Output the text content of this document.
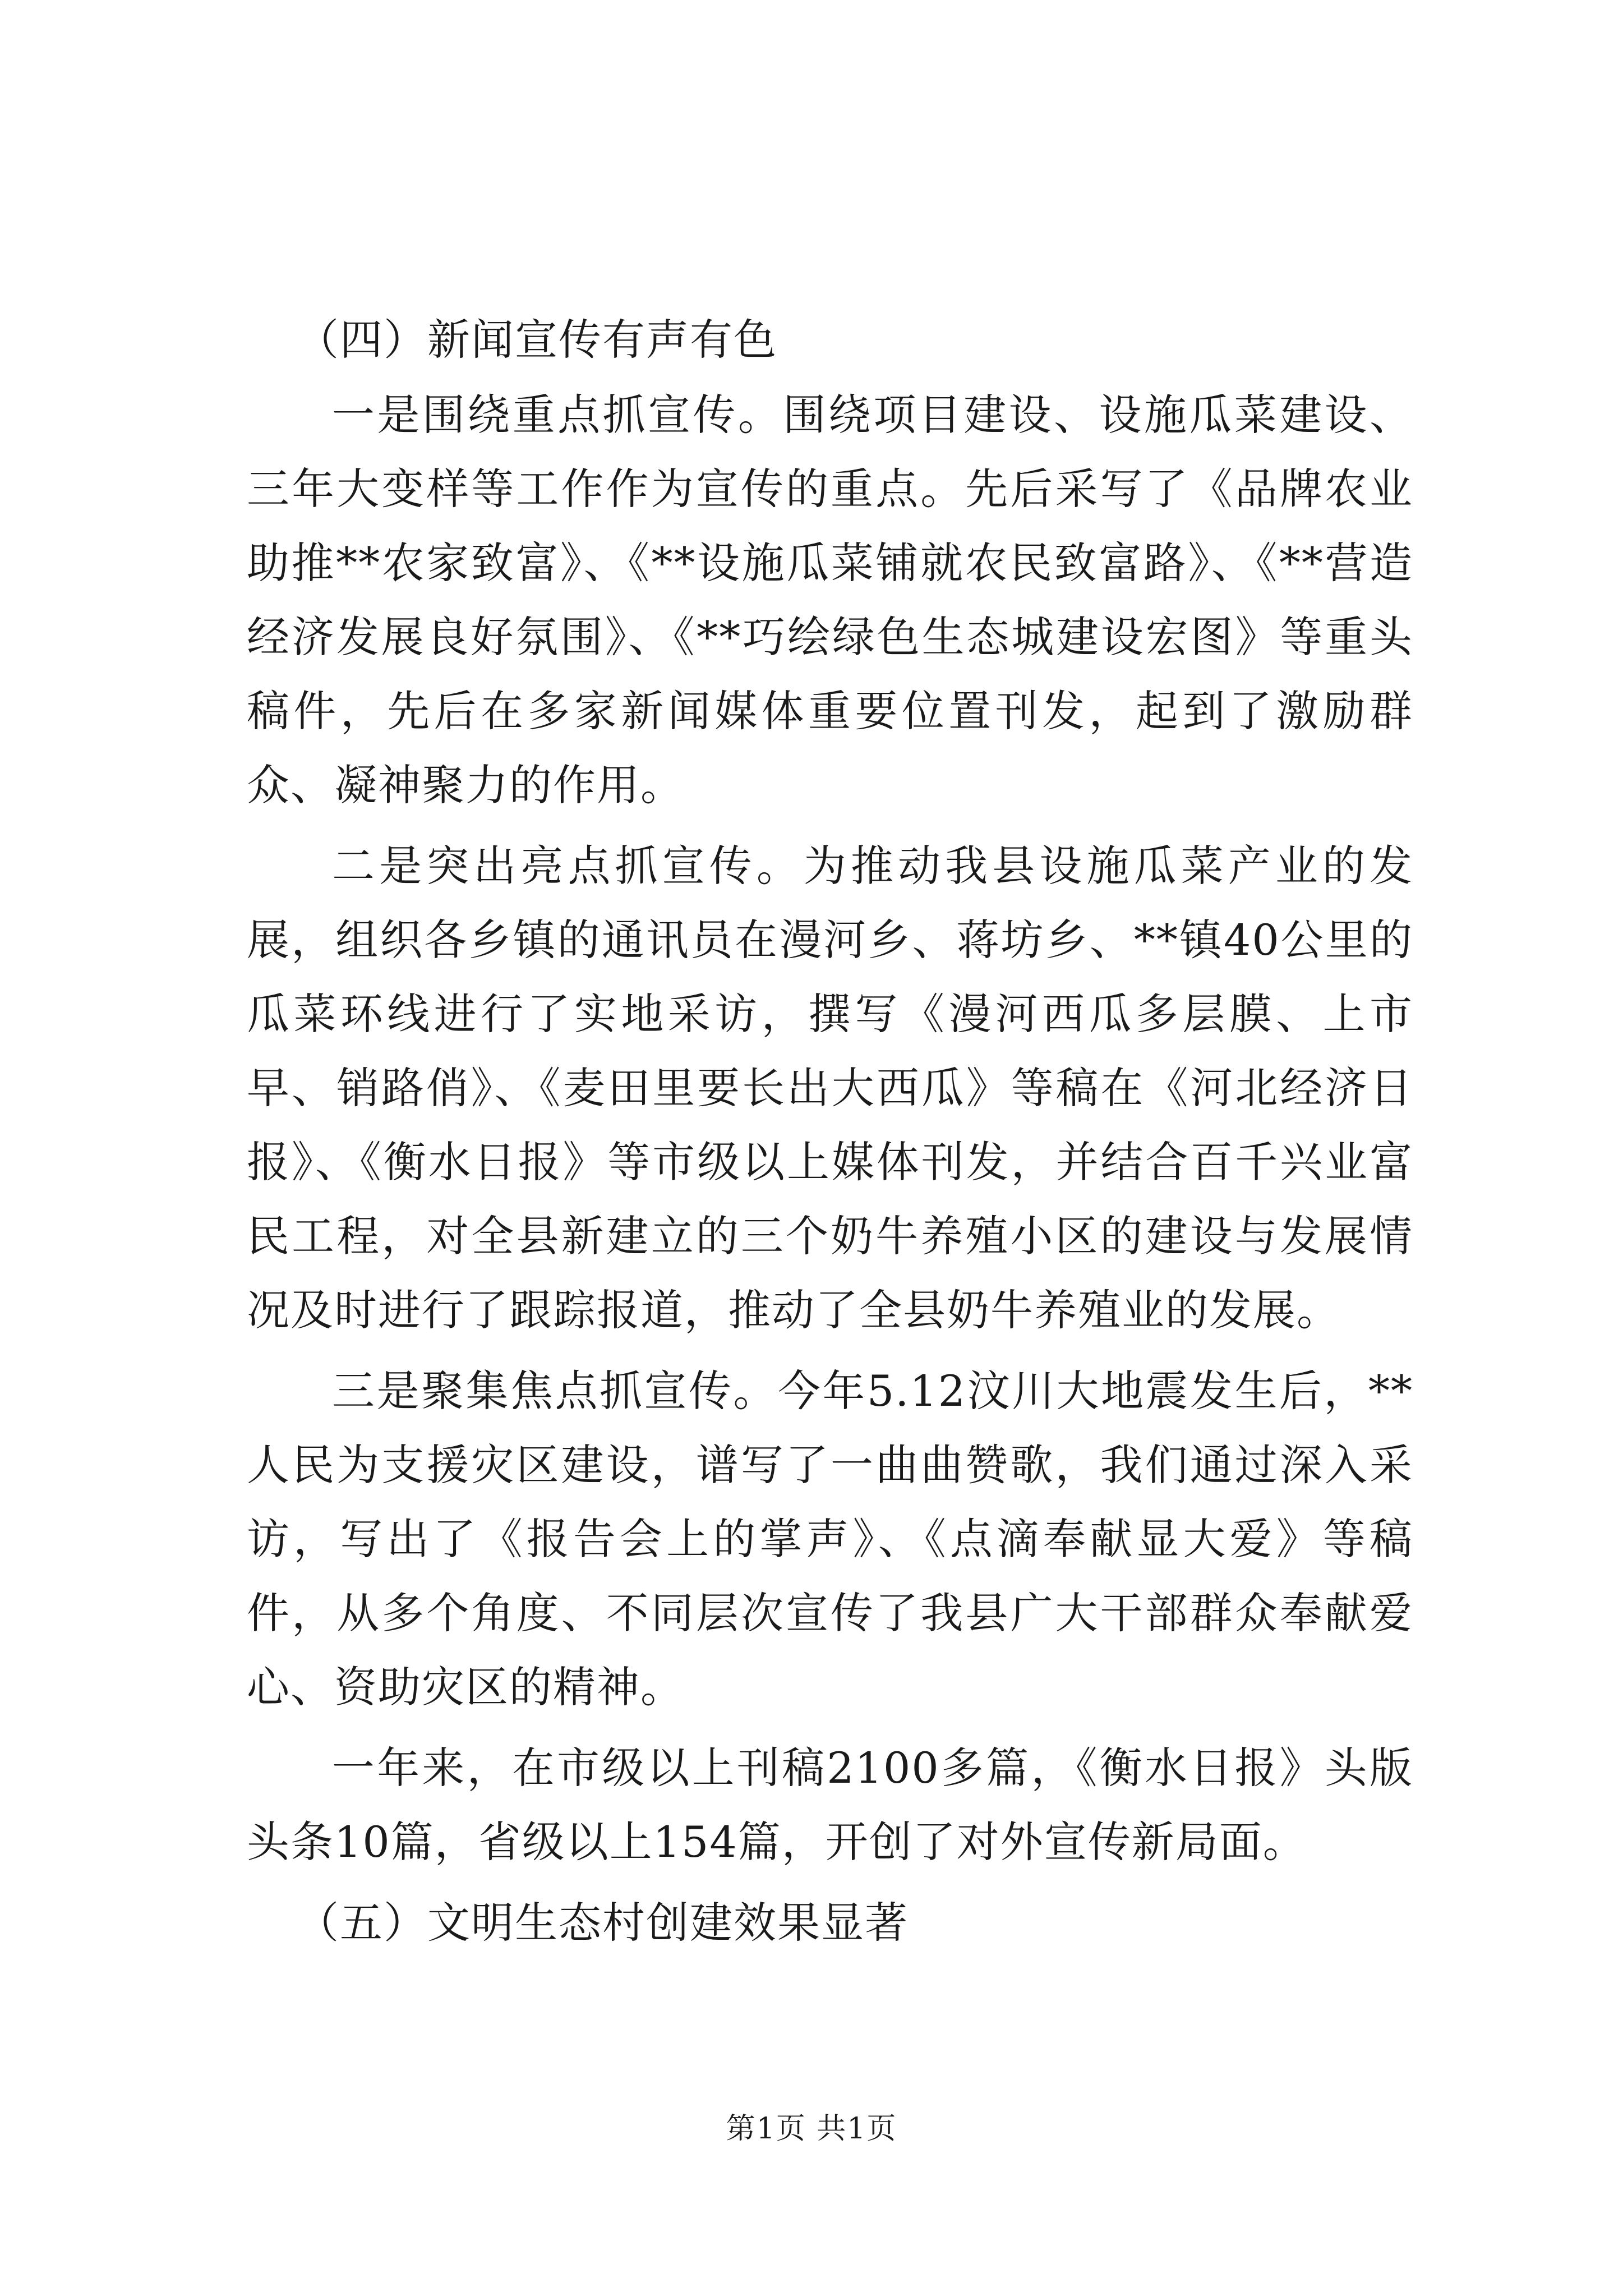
（四）新闻宣传有声有色

一是围绕重点抓宣传。围绕项目建设、设施瓜菜建设、三年大变样等工作作为宣传的重点。先后采写了《品牌农业助推**农家致富》、《**设施瓜菜铺就农民致富路》、《**营造经济发展良好氛围》、《**巧绘绿色生态城建设宏图》等重头稿件，先后在多家新闻媒体重要位置刊发，起到了激励群众、凝神聚力的作用。

二是突出亮点抓宣传。为推动我县设施瓜菜产业的发展，组织各乡镇的通讯员在漫河乡、蒋坊乡、**镇40公里的瓜菜环线进行了实地采访，撰写《漫河西瓜多层膜、上市早、销路俏》、《麦田里要长出大西瓜》等稿在《河北经济日报》、《衡水日报》等市级以上媒体刊发，并结合百千兴业富民工程，对全县新建立的三个奶牛养殖小区的建设与发展情况及时进行了跟踪报道，推动了全县奶牛养殖业的发展。

三是聚集焦点抓宣传。今年5.12汶川大地震发生后，**人民为支援灾区建设，谱写了一曲曲赞歌，我们通过深入采访，写出了《报告会上的掌声》、《点滴奉献显大爱》等稿件，从多个角度、不同层次宣传了我县广大干部群众奉献爱心、资助灾区的精神。

一年来，在市级以上刊稿2100多篇，《衡水日报》头版头条10篇，省级以上154篇，开创了对外宣传新局面。

（五）文明生态村创建效果显著

第1页 共1页
